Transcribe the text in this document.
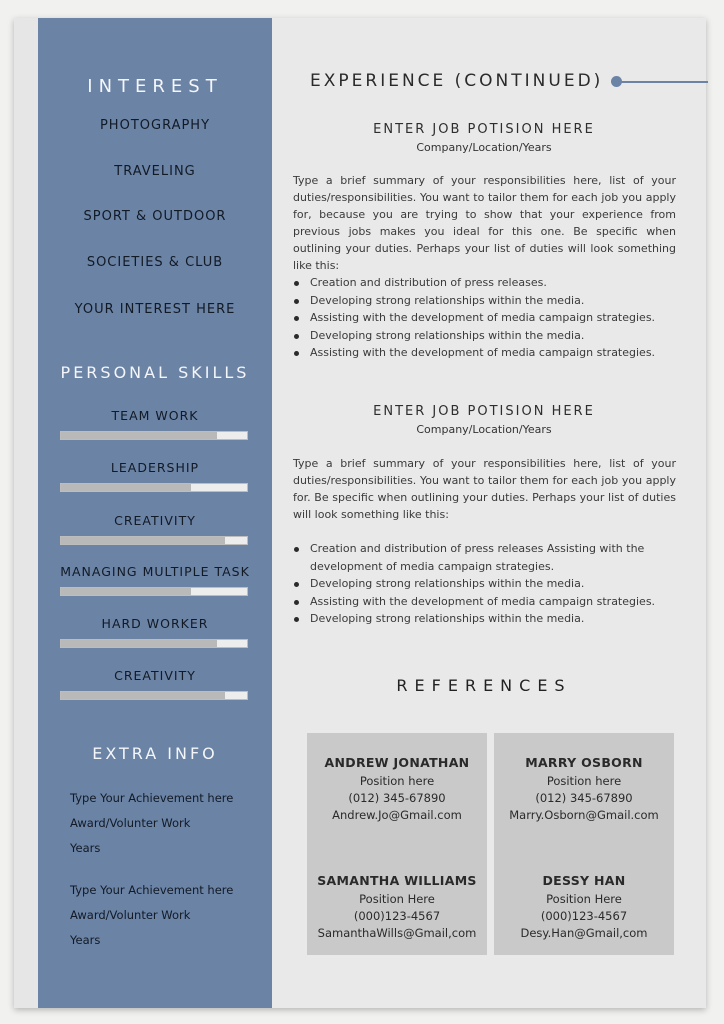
INTEREST
PHOTOGRAPHY
TRAVELING
SPORT & OUTDOOR
SOCIETIES & CLUB
YOUR INTEREST HERE
PERSONAL SKILLS
TEAM WORK
LEADERSHIP
CREATIVITY
MANAGING MULTIPLE TASK
HARD WORKER
CREATIVITY
EXTRA INFO
Type Your Achievement here
Award/Volunter Work
Years
Type Your Achievement here
Award/Volunter Work
Years
EXPERIENCE (CONTINUED)
ENTER JOB POTISION HERE
Company/Location/Years
Type a brief summary of your responsibilities here, list of your duties/responsibilities. You want to tailor them for each job you apply for, because you are trying to show that your experience from previous jobs makes you ideal for this one. Be specific when outlining your duties. Perhaps your list of duties will look something like this:
Creation and distribution of press releases.
Developing strong relationships within the media.
Assisting with the development of media campaign strategies.
Developing strong relationships within the media.
Assisting with the development of media campaign strategies.
ENTER JOB POTISION HERE
Company/Location/Years
Type a brief summary of your responsibilities here, list of your duties/responsibilities. You want to tailor them for each job you apply for. Be specific when outlining your duties. Perhaps your list of duties will look something like this:
Creation and distribution of press releases Assisting with the development of media campaign strategies.
Developing strong relationships within the media.
Assisting with the development of media campaign strategies.
Developing strong relationships within the media.
REFERENCES
ANDREW JONATHAN
Position here
(012) 345-67890
Andrew.Jo@Gmail.com
SAMANTHA WILLIAMS
Position Here
(000)123-4567
SamanthaWills@Gmail,com
MARRY OSBORN
Position here
(012) 345-67890
Marry.Osborn@Gmail.com
DESSY HAN
Position Here
(000)123-4567
Desy.Han@Gmail,com
